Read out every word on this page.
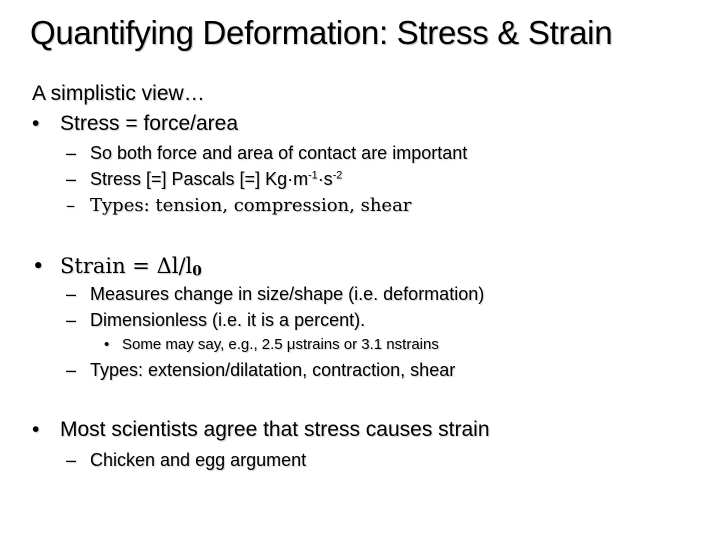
Quantifying Deformation: Stress & Strain
A simplistic view…
• Stress = force/area
– So both force and area of contact are important
– Stress [=] Pascals [=] $Kg\cdot m^{-1}\cdot s^{-2}$
– Types: tension, compression, shear
• Strain = $\Delta l/l_0$
– Measures change in size/shape (i.e. deformation)
– Dimensionless (i.e. it is a percent).
• Some may say, e.g., 2.5 μstrains or 3.1 nstrains
– Types: extension/dilatation, contraction, shear
• Most scientists agree that stress causes strain
– Chicken and egg argument
